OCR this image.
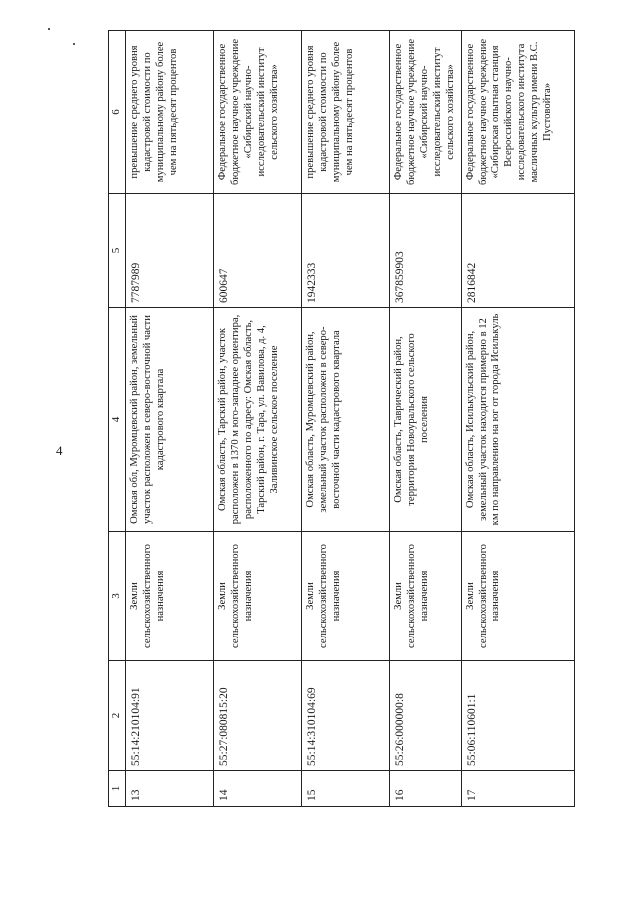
4
1	2	3	4	5	6
13	55:14:210104:91	Земли сельскохозяйственного назначения	Омская обл, Муромцевский район, земельный участок расположен в северо-восточной части кадастрового квартала	7787989	превышение среднего уровня кадастровой стоимости по муниципальному району более чем на пятьдесят процентов
14	55:27:080815:20	Земли сельскохозяйственного назначения	Омская область, Тарский район, участок расположен в 1370 м юго-западнее ориентира, расположенного по адресу: Омская область, Тарский район, г. Тара, ул. Вавилова, д. 4, Заливинское сельское поселение	600647	Федеральное государственное бюджетное научное учреждение «Сибирский научно-исследовательский институт сельского хозяйства»
15	55:14:310104:69	Земли сельскохозяйственного назначения	Омская область, Муромцевский район, земельный участок расположен в северо-восточной части кадастрового квартала	1942333	превышение среднего уровня кадастровой стоимости по муниципальному району более чем на пятьдесят процентов
16	55:26:000000:8	Земли сельскохозяйственного назначения	Омская область, Таврический район, территория Новоуральского сельского поселения	367859903	Федеральное государственное бюджетное научное учреждение «Сибирский научно-исследовательский институт сельского хозяйства»
17	55:06:110601:1	Земли сельскохозяйственного назначения	Омская область, Исилькульский район, земельный участок находится примерно в 12 км по направлению на юг от города Исилькуль	2816842	Федеральное государственное бюджетное научное учреждение «Сибирская опытная станция Всероссийского научно-исследовательского института масличных культур имени В.С. Пустовойта»
